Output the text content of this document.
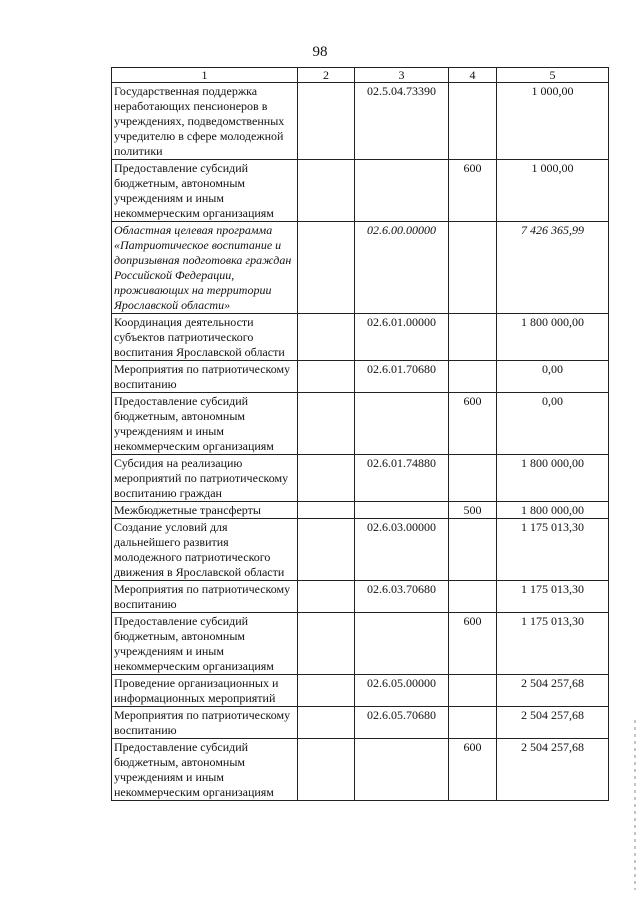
98
1	2	3	4	5
Государственная поддержка неработающих пенсионеров в учреждениях, подведомственных учредителю в сфере молодежной политики		02.5.04.73390		1 000,00
Предоставление субсидий бюджетным, автономным учреждениям и иным некоммерческим организациям			600	1 000,00
Областная целевая программа «Патриотическое воспитание и допризывная подготовка граждан Российской Федерации, проживающих на территории Ярославской области»		02.6.00.00000		7 426 365,99
Координация деятельности субъектов патриотического воспитания Ярославской области		02.6.01.00000		1 800 000,00
Мероприятия по патриотическому воспитанию		02.6.01.70680		0,00
Предоставление субсидий бюджетным, автономным учреждениям и иным некоммерческим организациям			600	0,00
Субсидия на реализацию мероприятий по патриотическому воспитанию граждан		02.6.01.74880		1 800 000,00
Межбюджетные трансферты			500	1 800 000,00
Создание условий для дальнейшего развития молодежного патриотического движения в Ярославской области		02.6.03.00000		1 175 013,30
Мероприятия по патриотическому воспитанию		02.6.03.70680		1 175 013,30
Предоставление субсидий бюджетным, автономным учреждениям и иным некоммерческим организациям			600	1 175 013,30
Проведение организационных и информационных мероприятий		02.6.05.00000		2 504 257,68
Мероприятия по патриотическому воспитанию		02.6.05.70680		2 504 257,68
Предоставление субсидий бюджетным, автономным учреждениям и иным некоммерческим организациям			600	2 504 257,68
